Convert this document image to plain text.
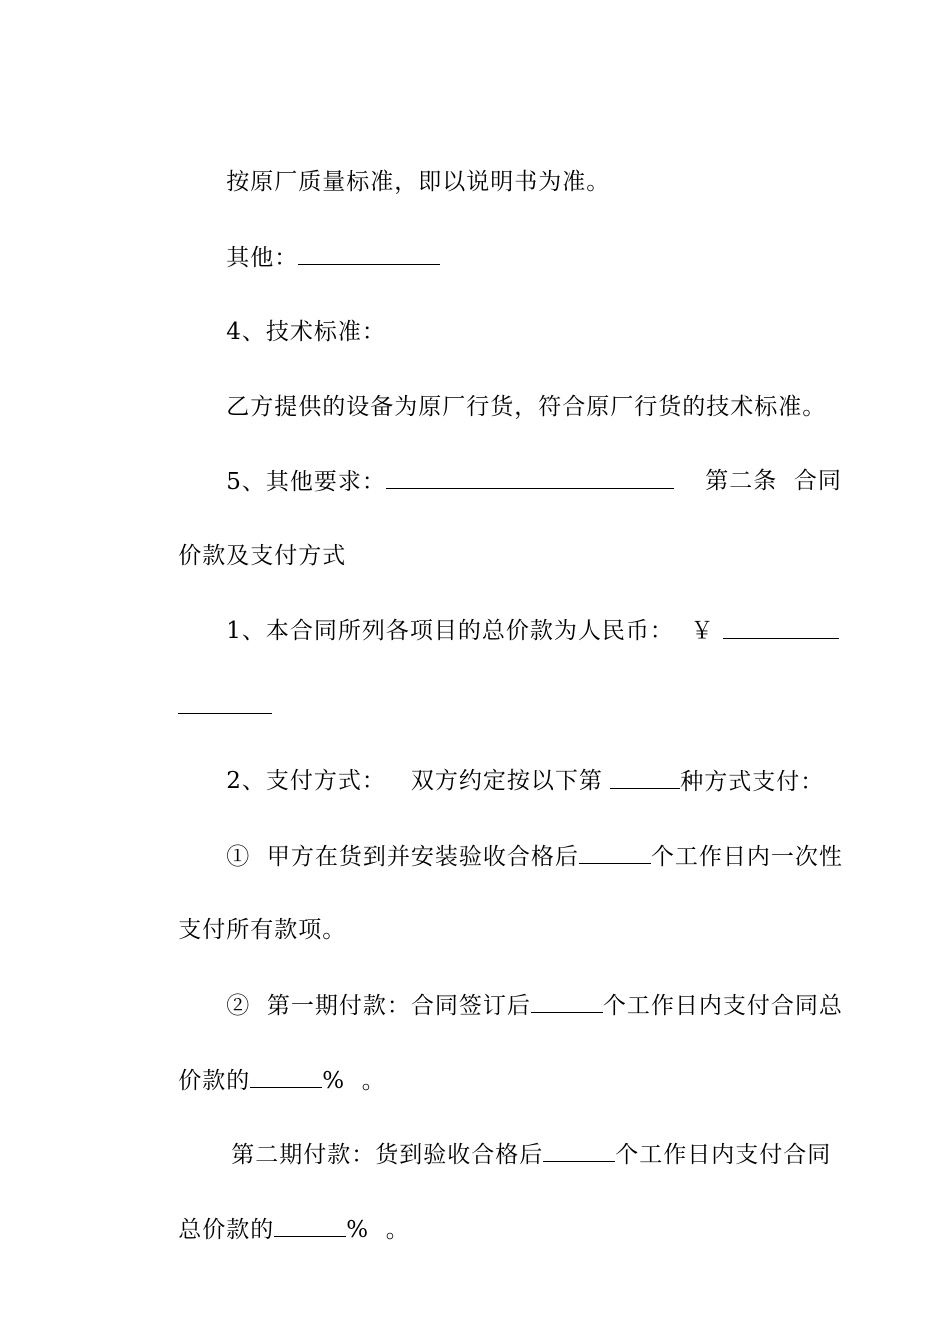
按原厂质量标准，即以说明书为准。

其他：

4、技术标准：

乙方提供的设备为原厂行货，符合原厂行货的技术标准。

5、其他要求：
	第二条  合同

价款及支付方式

1、本合同所列各项目的总价款为人民币：  ￥

2、支付方式：   双方约定按以下第
	种方式支付：

①  甲方在货到并安装验收合格后	个工作日内一次性

支付所有款项。

②  第一期付款：合同签订后	个工作日内支付合同总

价款的	%  。

第二期付款：货到验收合格后	个工作日内支付合同

总价款的	%  。
